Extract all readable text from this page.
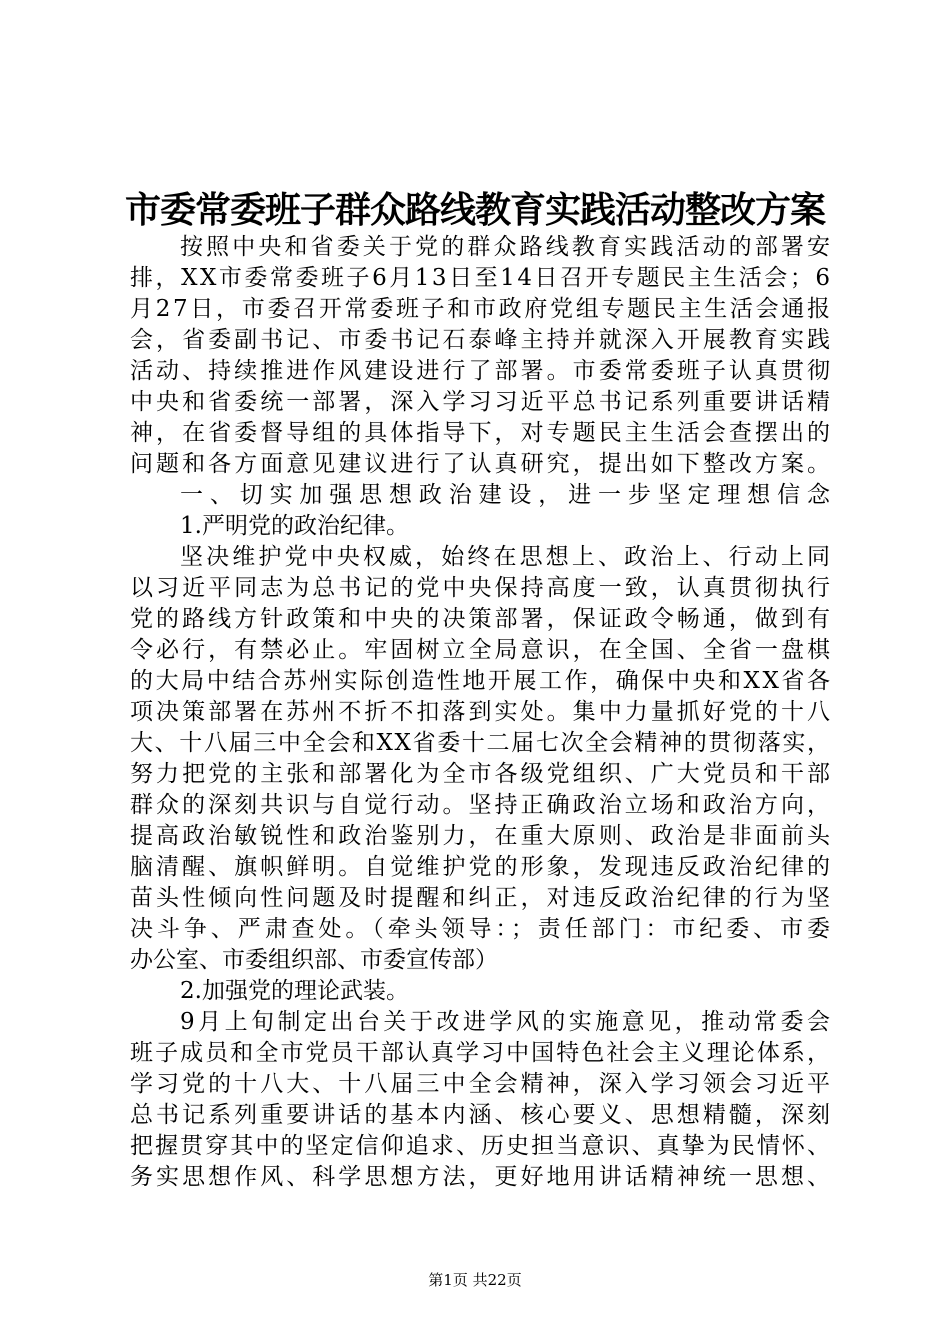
市委常委班子群众路线教育实践活动整改方案
按照中央和省委关于党的群众路线教育实践活动的部署安
排，XX市委常委班子6月13日至14日召开专题民主生活会；6
月27日，市委召开常委班子和市政府党组专题民主生活会通报
会，省委副书记、市委书记石泰峰主持并就深入开展教育实践
活动、持续推进作风建设进行了部署。市委常委班子认真贯彻
中央和省委统一部署，深入学习习近平总书记系列重要讲话精
神，在省委督导组的具体指导下，对专题民主生活会查摆出的
问题和各方面意见建议进行了认真研究，提出如下整改方案。
一、切实加强思想政治建设，进一步坚定理想信念
1.严明党的政治纪律。
坚决维护党中央权威，始终在思想上、政治上、行动上同
以习近平同志为总书记的党中央保持高度一致，认真贯彻执行
党的路线方针政策和中央的决策部署，保证政令畅通，做到有
令必行，有禁必止。牢固树立全局意识，在全国、全省一盘棋
的大局中结合苏州实际创造性地开展工作，确保中央和XX省各
项决策部署在苏州不折不扣落到实处。集中力量抓好党的十八
大、十八届三中全会和XX省委十二届七次全会精神的贯彻落实，
努力把党的主张和部署化为全市各级党组织、广大党员和干部
群众的深刻共识与自觉行动。坚持正确政治立场和政治方向，
提高政治敏锐性和政治鉴别力，在重大原则、政治是非面前头
脑清醒、旗帜鲜明。自觉维护党的形象，发现违反政治纪律的
苗头性倾向性问题及时提醒和纠正，对违反政治纪律的行为坚
决斗争、严肃查处。（牵头领导：；责任部门：市纪委、市委
办公室、市委组织部、市委宣传部）
2.加强党的理论武装。
9月上旬制定出台关于改进学风的实施意见，推动常委会
班子成员和全市党员干部认真学习中国特色社会主义理论体系，
学习党的十八大、十八届三中全会精神，深入学习领会习近平
总书记系列重要讲话的基本内涵、核心要义、思想精髓，深刻
把握贯穿其中的坚定信仰追求、历史担当意识、真挚为民情怀、
务实思想作风、科学思想方法，更好地用讲话精神统一思想、
第1页 共22页
